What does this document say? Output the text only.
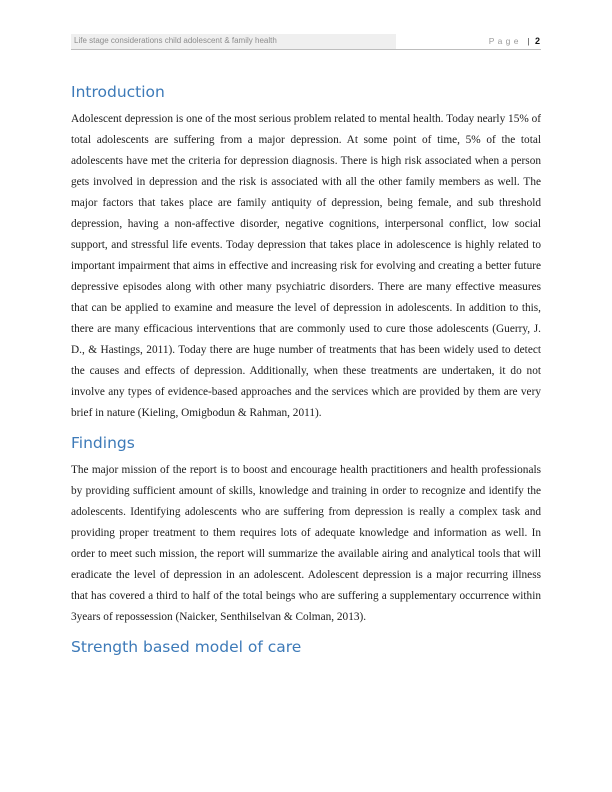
Life stage considerations child adolescent & family health	P a g e | 2
Introduction

Adolescent depression is one of the most serious problem related to mental health. Today nearly 15% of total adolescents are suffering from a major depression. At some point of time, 5% of the total adolescents have met the criteria for depression diagnosis. There is high risk associated when a person gets involved in depression and the risk is associated with all the other family members as well. The major factors that takes place are family antiquity of depression, being female, and sub threshold depression, having a non-affective disorder, negative cognitions, interpersonal conflict, low social support, and stressful life events. Today depression that takes place in adolescence is highly related to important impairment that aims in effective and increasing risk for evolving and creating a better future depressive episodes along with other many psychiatric disorders. There are many effective measures that can be applied to examine and measure the level of depression in adolescents. In addition to this, there are many efficacious interventions that are commonly used to cure those adolescents (Guerry, J. D., & Hastings, 2011). Today there are huge number of treatments that has been widely used to detect the causes and effects of depression. Additionally, when these treatments are undertaken, it do not involve any types of evidence-based approaches and the services which are provided by them are very brief in nature (Kieling, Omigbodun & Rahman, 2011).

Findings

The major mission of the report is to boost and encourage health practitioners and health professionals by providing sufficient amount of skills, knowledge and training in order to recognize and identify the adolescents. Identifying adolescents who are suffering from depression is really a complex task and providing proper treatment to them requires lots of adequate knowledge and information as well. In order to meet such mission, the report will summarize the available airing and analytical tools that will eradicate the level of depression in an adolescent. Adolescent depression is a major recurring illness that has covered a third to half of the total beings who are suffering a supplementary occurrence within 3years of repossession (Naicker, Senthilselvan & Colman, 2013).

Strength based model of care
